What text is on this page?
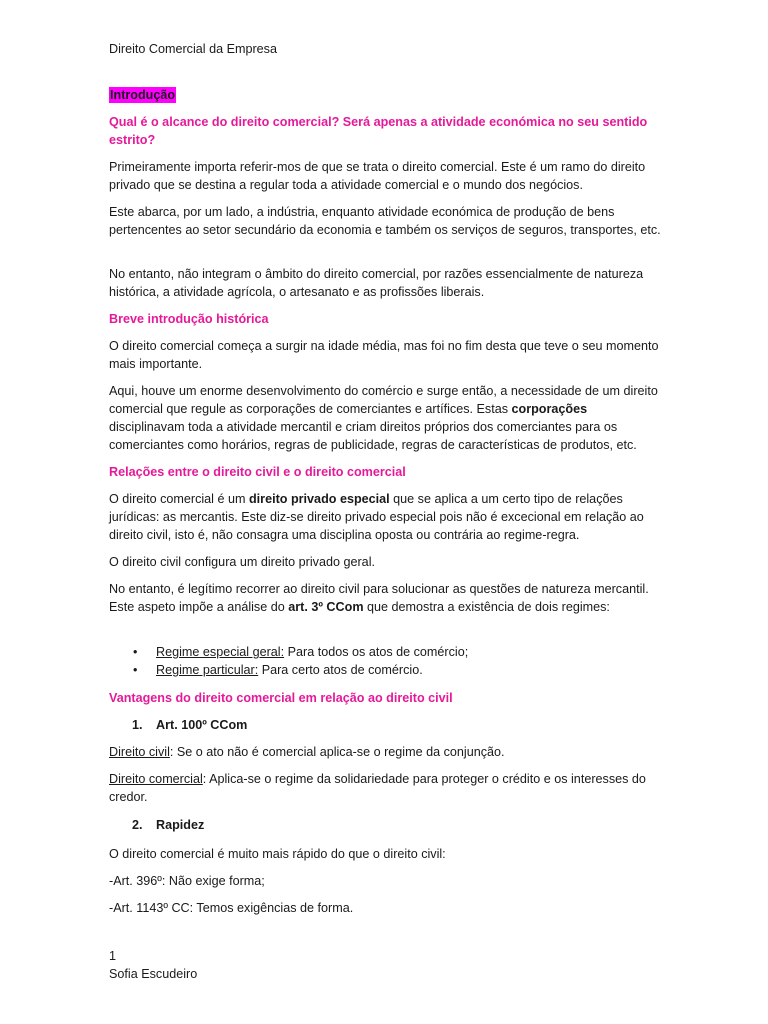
Direito Comercial da Empresa

Introdução

Qual é o alcance do direito comercial? Será apenas a atividade económica no seu sentido estrito?

Primeiramente importa referir-mos de que se trata o direito comercial. Este é um ramo do direito privado que se destina a regular toda a atividade comercial e o mundo dos negócios.

Este abarca, por um lado, a indústria, enquanto atividade económica de produção de bens pertencentes ao setor secundário da economia e também os serviços de seguros, transportes, etc.

No entanto, não integram o âmbito do direito comercial, por razões essencialmente de natureza histórica, a atividade agrícola, o artesanato e as profissões liberais.

Breve introdução histórica

O direito comercial começa a surgir na idade média, mas foi no fim desta que teve o seu momento mais importante.

Aqui, houve um enorme desenvolvimento do comércio e surge então, a necessidade de um direito comercial que regule as corporações de comerciantes e artífices. Estas corporações disciplinavam toda a atividade mercantil e criam direitos próprios dos comerciantes para os comerciantes como horários, regras de publicidade, regras de características de produtos, etc.

Relações entre o direito civil e o direito comercial

O direito comercial é um direito privado especial que se aplica a um certo tipo de relações jurídicas: as mercantis. Este diz-se direito privado especial pois não é excecional em relação ao direito civil, isto é, não consagra uma disciplina oposta ou contrária ao regime-regra.

O direito civil configura um direito privado geral.

No entanto, é legítimo recorrer ao direito civil para solucionar as questões de natureza mercantil. Este aspeto impõe a análise do art. 3º CCom que demostra a existência de dois regimes:

• Regime especial geral: Para todos os atos de comércio;
• Regime particular: Para certo atos de comércio.

Vantagens do direito comercial em relação ao direito civil

1. Art. 100º CCom

Direito civil: Se o ato não é comercial aplica-se o regime da conjunção.

Direito comercial: Aplica-se o regime da solidariedade para proteger o crédito e os interesses do credor.

2. Rapidez

O direito comercial é muito mais rápido do que o direito civil:

-Art. 396º: Não exige forma;

-Art. 1143º CC: Temos exigências de forma.

1
Sofia Escudeiro
